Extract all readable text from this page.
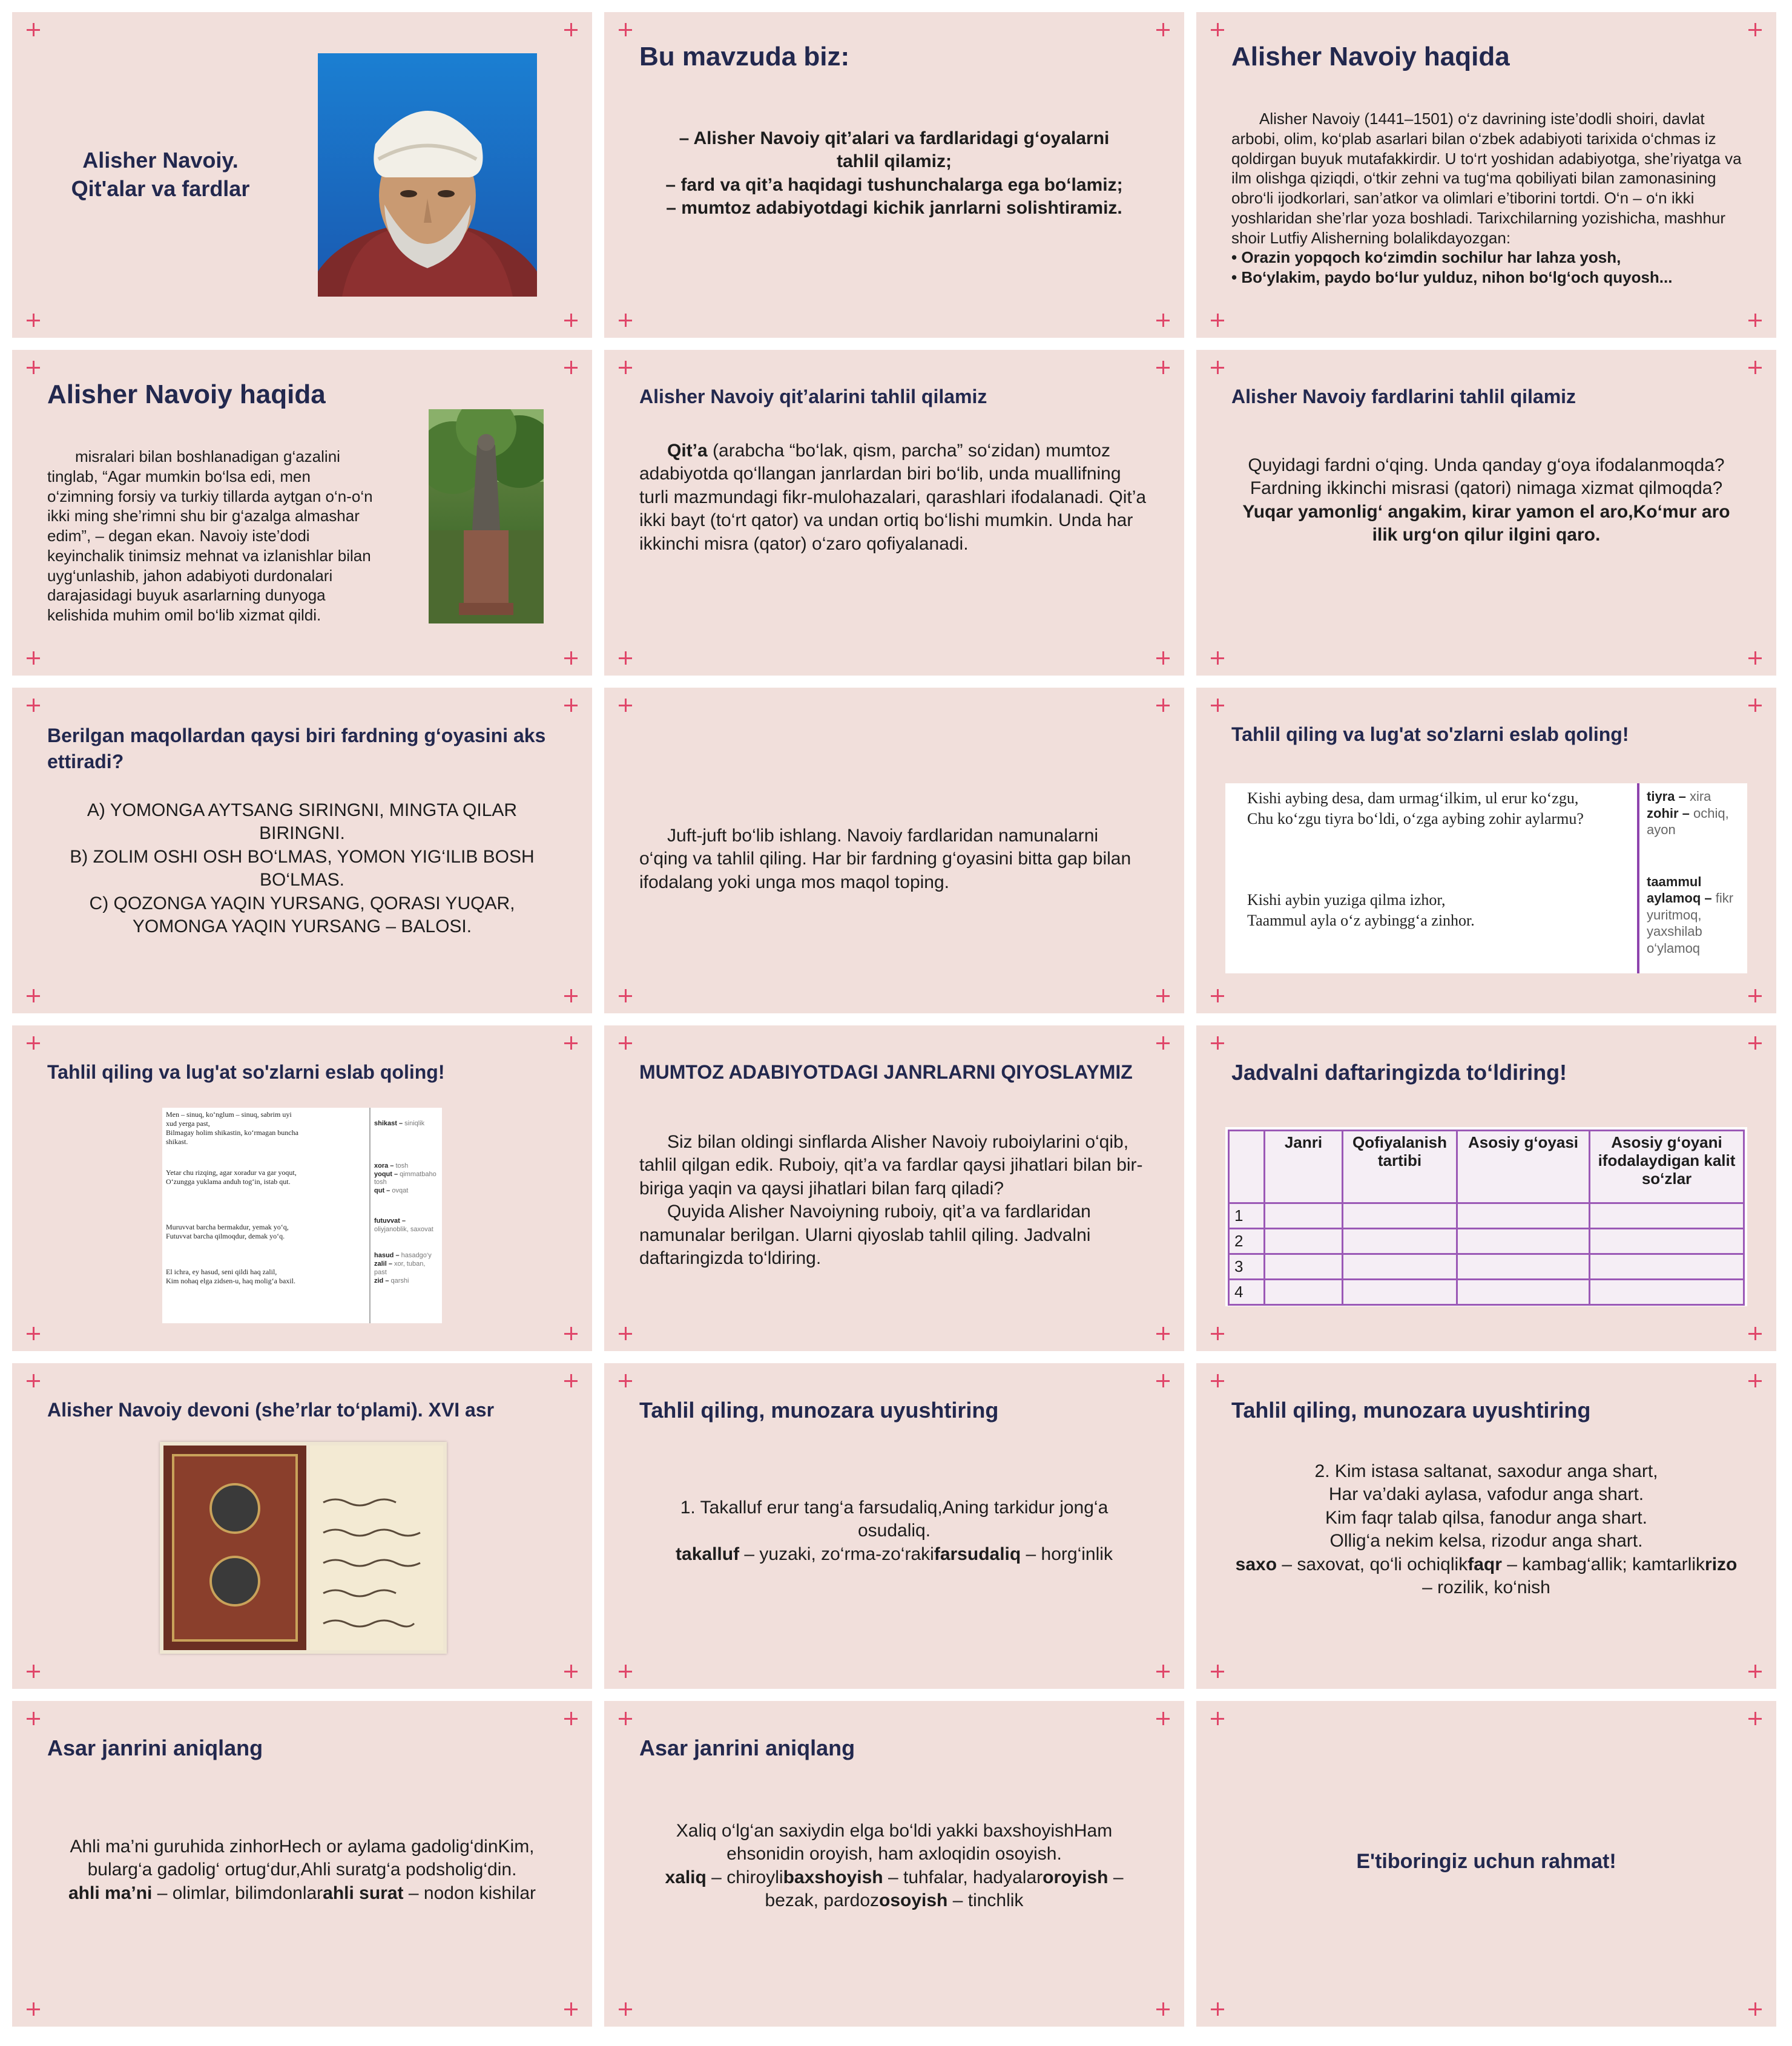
Alisher Navoiy.
Qit'alar va fardlar
Bu mavzuda biz:
– Alisher Navoiy qit’alari va fardlaridagi g‘oyalarni tahlil qilamiz;
– fard va qit’a haqidagi tushunchalarga ega bo‘lamiz;
– mumtoz adabiyotdagi kichik janrlarni solishtiramiz.
Alisher Navoiy haqida
Alisher Navoiy (1441–1501) o‘z davrining iste’dodli shoiri, davlat arbobi, olim, ko‘plab asarlari bilan o‘zbek adabiyoti tarixida o‘chmas iz qoldirgan buyuk mutafakkirdir. U to‘rt yoshidan adabiyotga, she’riyatga va ilm olishga qiziqdi, o‘tkir zehni va tug‘ma qobiliyati bilan zamonasining obro‘li ijodkorlari, san’atkor va olimlari e’tiborini tortdi. O‘n – o‘n ikki yoshlaridan she’rlar yoza boshladi. Tarixchilarning yozishicha, mashhur shoir Lutfiy Alisherning bolalikdayozgan:
• Orazin yopqoch ko‘zimdin sochilur har lahza yosh,
• Bo‘ylakim, paydo bo‘lur yulduz, nihon bo‘lg‘och quyosh...
Alisher Navoiy haqida
misralari bilan boshlanadigan g‘azalini tinglab, “Agar mumkin bo‘lsa edi, men o‘zimning forsiy va turkiy tillarda aytgan o‘n-o‘n ikki ming she’rimni shu bir g‘azalga almashar edim”, – degan ekan. Navoiy iste’dodi keyinchalik tinimsiz mehnat va izlanishlar bilan uyg‘unlashib, jahon adabiyoti durdonalari darajasidagi buyuk asarlarning dunyoga kelishida muhim omil bo‘lib xizmat qildi.
Alisher Navoiy qit’alarini tahlil qilamiz
Qit’a (arabcha “bo‘lak, qism, parcha” so‘zidan) mumtoz adabiyotda qo‘llangan janrlardan biri bo‘lib, unda muallifning turli mazmundagi fikr-mulohazalari, qarashlari ifodalanadi. Qit’a ikki bayt (to‘rt qator) va undan ortiq bo‘lishi mumkin. Unda har ikkinchi misra (qator) o‘zaro qofiyalanadi.
Alisher Navoiy fardlarini tahlil qilamiz
Quyidagi fardni o‘qing. Unda qanday g‘oya ifodalanmoqda? Fardning ikkinchi misrasi (qatori) nimaga xizmat qilmoqda?
Yuqar yamonlig‘ angakim, kirar yamon el aro,Ko‘mur aro ilik urg‘on qilur ilgini qaro.
Berilgan maqollardan qaysi biri fardning g‘oyasini aks ettiradi?
A) YOMONGA AYTSANG SIRINGNI, MINGTA QILAR BIRINGNI.
B) ZOLIM OSHI OSH BO‘LMAS, YOMON YIG‘ILIB BOSH BO‘LMAS.
C) QOZONGA YAQIN YURSANG, QORASI YUQAR, YOMONGA YAQIN YURSANG – BALOSI.
Juft-juft bo‘lib ishlang. Navoiy fardlaridan namunalarni o‘qing va tahlil qiling. Har bir fardning g‘oyasini bitta gap bilan ifodalang yoki unga mos maqol toping.
Tahlil qiling va lug'at so'zlarni eslab qoling!
Kishi aybing desa, dam urmag‘ilkim, ul erur ko‘zgu,
Chu ko‘zgu tiyra bo‘ldi, o‘zga aybing zohir aylarmu?
Kishi aybin yuziga qilma izhor,
Taammul ayla o‘z aybingg‘a zinhor.
tiyra – xira
zohir – ochiq, ayon
taammul aylamoq – fikr yuritmoq, yaxshilab o‘ylamoq
Tahlil qiling va lug'at so'zlarni eslab qoling!
Men – sinuq, ko‘nglum – sinuq, sabrim uyi
xud yerga past,
Bilmagay holim shikastin, ko‘rmagan buncha
shikast.
Yetar chu rizqing, agar xoradur va gar yoqut,
O‘zungga yuklama anduh tog‘in, istab qut.
Muruvvat barcha bermakdur, yemak yo‘q,
Futuvvat barcha qilmoqdur, demak yo‘q.
El ichra, ey hasud, seni qildi haq zalil,
Kim nohaq elga zidsen-u, haq molig‘a baxil.
shikast – siniqlik
xora – tosh
yoqut – qimmatbaho tosh
qut – ovqat
futuvvat – oliyjanoblik, saxovat
hasud – hasadgo‘y
zalil – xor, tuban, past
zid – qarshi
MUMTOZ ADABIYOTDAGI JANRLARNI QIYOSLAYMIZ
Siz bilan oldingi sinflarda Alisher Navoiy ruboiylarini o‘qib, tahlil qilgan edik. Ruboiy, qit’a va fardlar qaysi jihatlari bilan bir-biriga yaqin va qaysi jihatlari bilan farq qiladi?
Quyida Alisher Navoiyning ruboiy, qit’a va fardlaridan namunalar berilgan. Ularni qiyoslab tahlil qiling. Jadvalni daftaringizda to‘ldiring.
Jadvalni daftaringizda to‘ldiring!
	Janri	Qofiyalanish tartibi	Asosiy g‘oyasi	Asosiy g‘oyani ifodalaydigan kalit so‘zlar
1				
2				
3				
4				
Alisher Navoiy devoni (she’rlar to‘plami). XVI asr	Tahlil qiling, munozara uyushtiring
1. Takalluf erur tang‘a farsudaliq,Aning tarkidur jong‘a osudaliq.
takalluf – yuzaki, zo‘rma-zo‘rakifarsudaliq – horg‘inlik
Tahlil qiling, munozara uyushtiring
2. Kim istasa saltanat, saxodur anga shart,
Har va’daki aylasa, vafodur anga shart.
Kim faqr talab qilsa, fanodur anga shart.
Ollig‘a nekim kelsa, rizodur anga shart.
saxo – saxovat, qo‘li ochiqlikfaqr – kambag‘allik; kamtarlikrizo – rozilik, ko‘nish
Asar janrini aniqlang
Ahli ma’ni guruhida zinhorHech or aylama gadolig‘dinKim, bularg‘a gadolig‘ ortug‘dur,Ahli suratg‘a podsholig‘din.
ahli ma’ni – olimlar, bilimdonlarahli surat – nodon kishilar
Asar janrini aniqlang
Xaliq o‘lg‘an saxiydin elga bo‘ldi yakki baxshoyishHam ehsonidin oroyish, ham axloqidin osoyish.
xaliq – chiroylibaxshoyish – tuhfalar, hadyalaroroyish – bezak, pardozosoyish – tinchlik
E'tiboringiz uchun rahmat!
